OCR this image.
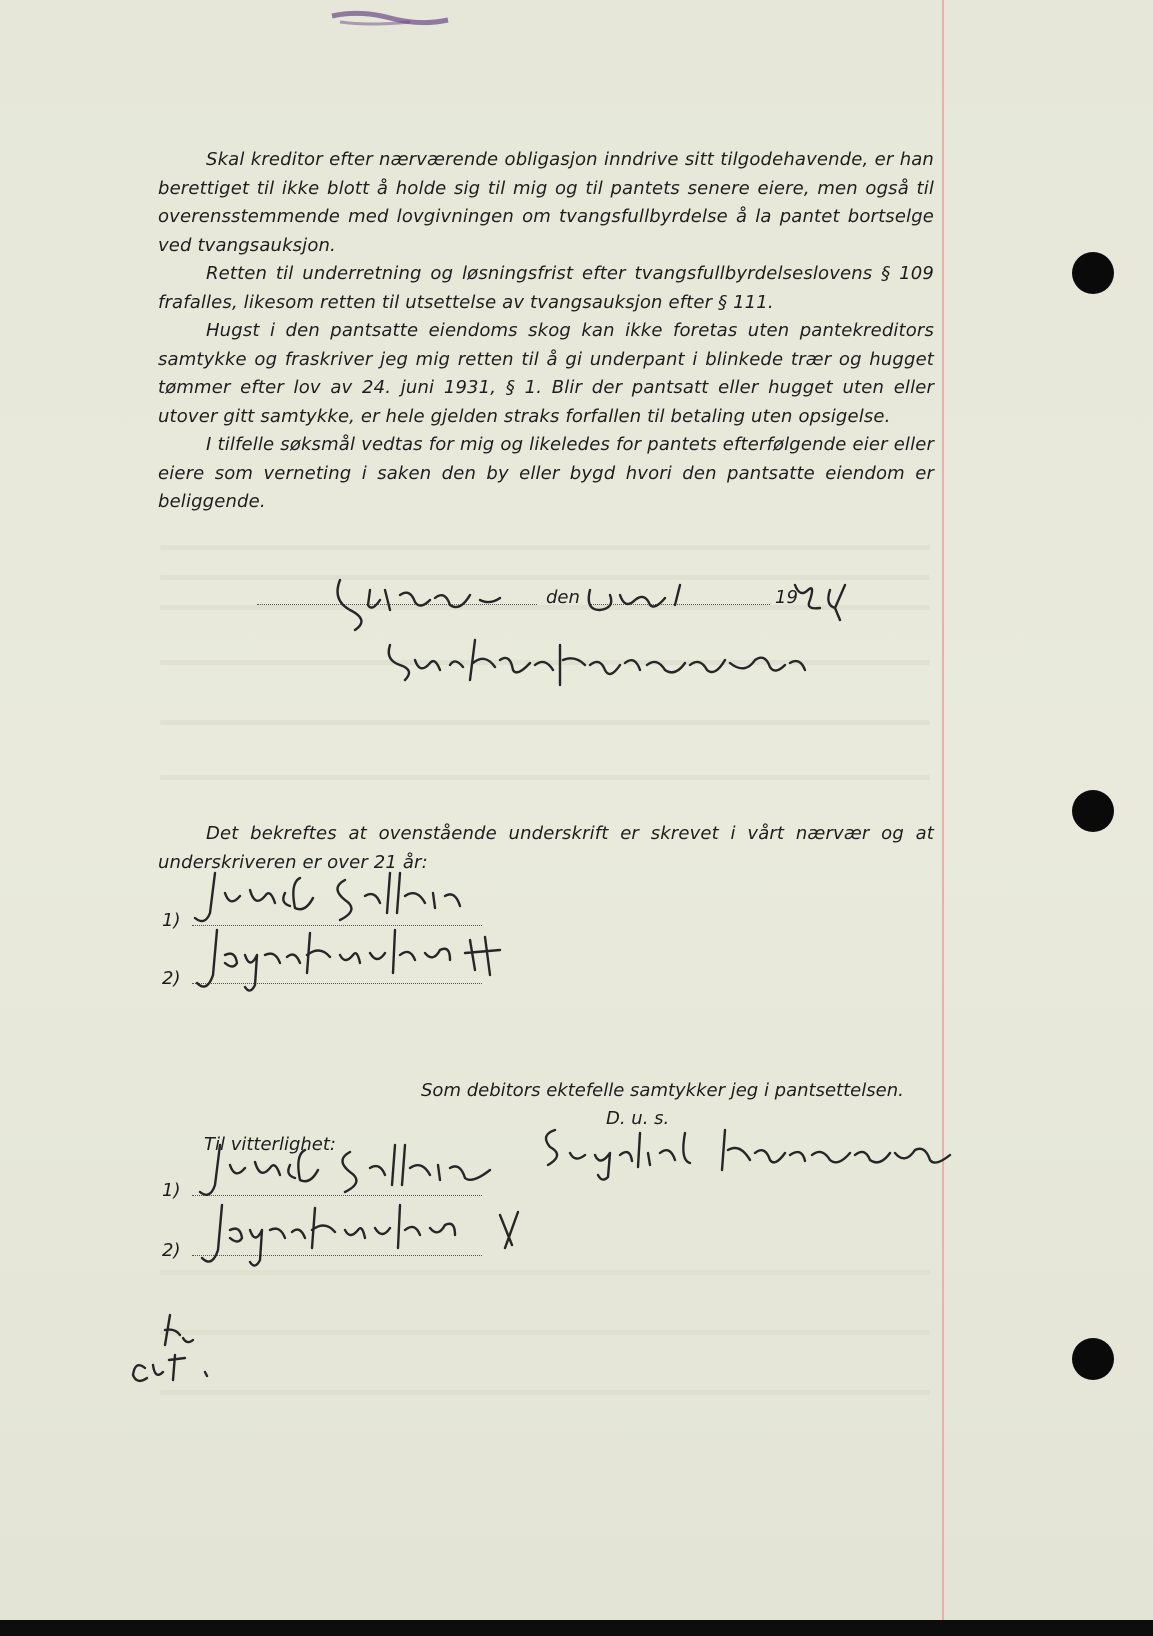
Skal kreditor efter nærværende obligasjon inndrive sitt tilgodehavende, er han berettiget til ikke blott å holde sig til mig og til pantets senere eiere, men også til overensstemmende med lovgivningen om tvangsfullbyrdelse å la pantet bortselge ved tvangsauksjon.

Retten til underretning og løsningsfrist efter tvangsfullbyrdelseslovens § 109 frafalles, likesom retten til utsettelse av tvangsauksjon efter § 111.

Hugst i den pantsatte eiendoms skog kan ikke foretas uten pantekreditors samtykke og fraskriver jeg mig retten til å gi underpant i blinkede trær og hugget tømmer efter lov av 24. juni 1931, § 1. Blir der pantsatt eller hugget uten eller utover gitt samtykke, er hele gjelden straks forfallen til betaling uten opsigelse.

I tilfelle søksmål vedtas for mig og likeledes for pantets efterfølgende eier eller eiere som verneting i saken den by eller bygd hvori den pantsatte eiendom er beliggende.

den	19

Det bekreftes at ovenstående underskrift er skrevet i vårt nærvær og at underskriveren er over 21 år:

1)
2)
Som debitors ektefelle samtykker jeg i pantsettelsen.
D. u. s.
Til vitterlighet:
1)
2)
